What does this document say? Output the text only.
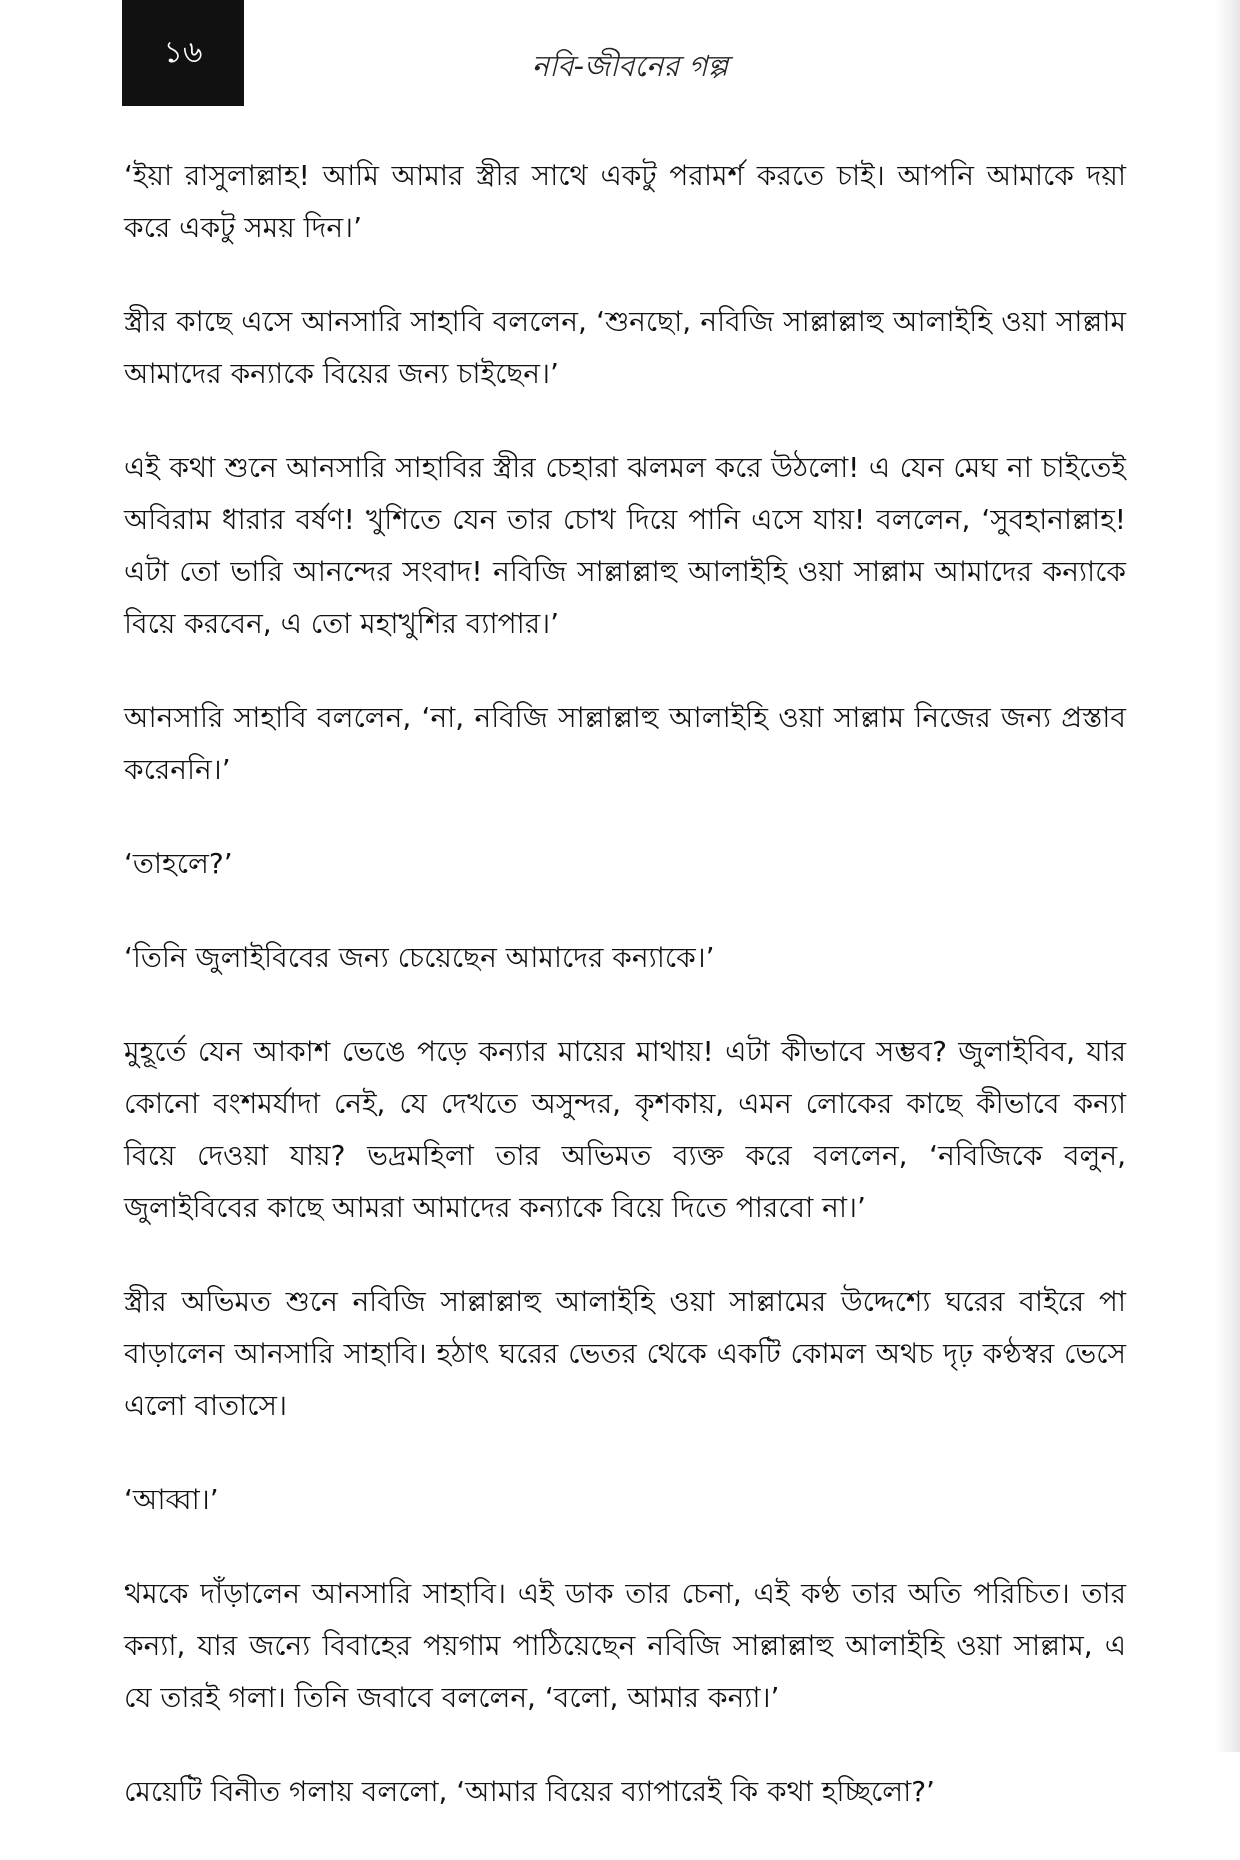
১৬	নবি-জীবনের গল্প

‘ইয়া রাসুলাল্লাহ! আমি আমার স্ত্রীর সাথে একটু পরামর্শ করতে চাই। আপনি আমাকে দয়া করে একটু সময় দিন।’

স্ত্রীর কাছে এসে আনসারি সাহাবি বললেন, ‘শুনছো, নবিজি সাল্লাল্লাহু আলাইহি ওয়া সাল্লাম আমাদের কন্যাকে বিয়ের জন্য চাইছেন।’

এই কথা শুনে আনসারি সাহাবির স্ত্রীর চেহারা ঝলমল করে উঠলো! এ যেন মেঘ না চাইতেই অবিরাম ধারার বর্ষণ! খুশিতে যেন তার চোখ দিয়ে পানি এসে যায়! বললেন, ‘সুবহানাল্লাহ! এটা তো ভারি আনন্দের সংবাদ! নবিজি সাল্লাল্লাহু আলাইহি ওয়া সাল্লাম আমাদের কন্যাকে বিয়ে করবেন, এ তো মহাখুশির ব্যাপার।’

আনসারি সাহাবি বললেন, ‘না, নবিজি সাল্লাল্লাহু আলাইহি ওয়া সাল্লাম নিজের জন্য প্রস্তাব করেননি।’

‘তাহলে?’

‘তিনি জুলাইবিবের জন্য চেয়েছেন আমাদের কন্যাকে।’

মুহূর্তে যেন আকাশ ভেঙে পড়ে কন্যার মায়ের মাথায়! এটা কীভাবে সম্ভব? জুলাইবিব, যার কোনো বংশমর্যাদা নেই, যে দেখতে অসুন্দর, কৃশকায়, এমন লোকের কাছে কীভাবে কন্যা বিয়ে দেওয়া যায়? ভদ্রমহিলা তার অভিমত ব্যক্ত করে বললেন, ‘নবিজিকে বলুন, জুলাইবিবের কাছে আমরা আমাদের কন্যাকে বিয়ে দিতে পারবো না।’

স্ত্রীর অভিমত শুনে নবিজি সাল্লাল্লাহু আলাইহি ওয়া সাল্লামের উদ্দেশ্যে ঘরের বাইরে পা বাড়ালেন আনসারি সাহাবি। হঠাৎ ঘরের ভেতর থেকে একটি কোমল অথচ দৃঢ় কণ্ঠস্বর ভেসে এলো বাতাসে।

‘আব্বা।’

থমকে দাঁড়ালেন আনসারি সাহাবি। এই ডাক তার চেনা, এই কণ্ঠ তার অতি পরিচিত। তার কন্যা, যার জন্যে বিবাহের পয়গাম পাঠিয়েছেন নবিজি সাল্লাল্লাহু আলাইহি ওয়া সাল্লাম, এ যে তারই গলা। তিনি জবাবে বললেন, ‘বলো, আমার কন্যা।’

মেয়েটি বিনীত গলায় বললো, ‘আমার বিয়ের ব্যাপারেই কি কথা হচ্ছিলো?’
